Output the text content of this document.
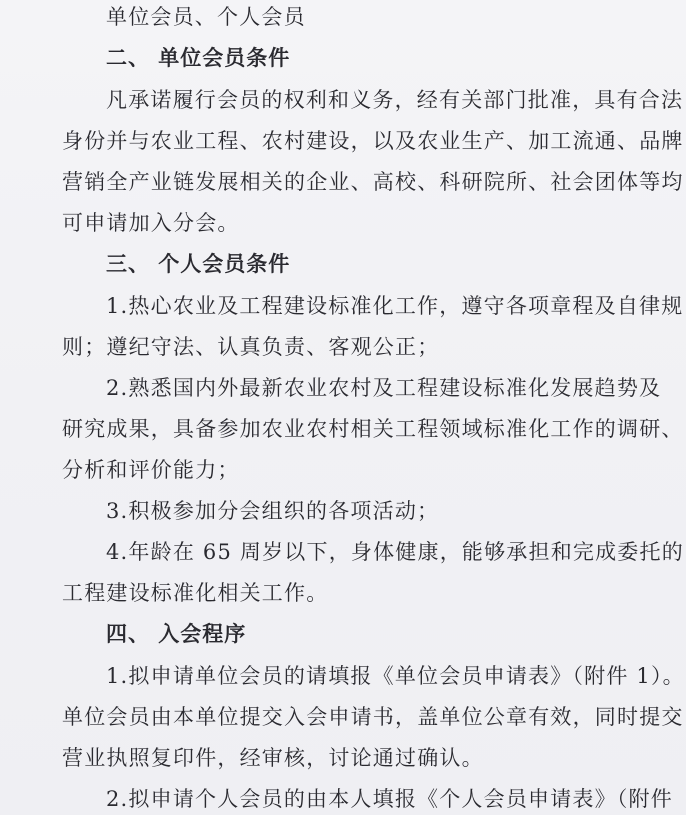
单位会员、个人会员
二、 单位会员条件
凡承诺履行会员的权利和义务，经有关部门批准，具有合法
身份并与农业工程、农村建设，以及农业生产、加工流通、品牌
营销全产业链发展相关的企业、高校、科研院所、社会团体等均
可申请加入分会。
三、 个人会员条件
1.热心农业及工程建设标准化工作，遵守各项章程及自律规
则；遵纪守法、认真负责、客观公正；
2.熟悉国内外最新农业农村及工程建设标准化发展趋势及
研究成果，具备参加农业农村相关工程领域标准化工作的调研、
分析和评价能力；
3.积极参加分会组织的各项活动；
4.年龄在 65 周岁以下，身体健康，能够承担和完成委托的
工程建设标准化相关工作。
四、 入会程序
1.拟申请单位会员的请填报《单位会员申请表》（附件 1）。
单位会员由本单位提交入会申请书，盖单位公章有效，同时提交
营业执照复印件，经审核，讨论通过确认。
2.拟申请个人会员的由本人填报《个人会员申请表》（附件
